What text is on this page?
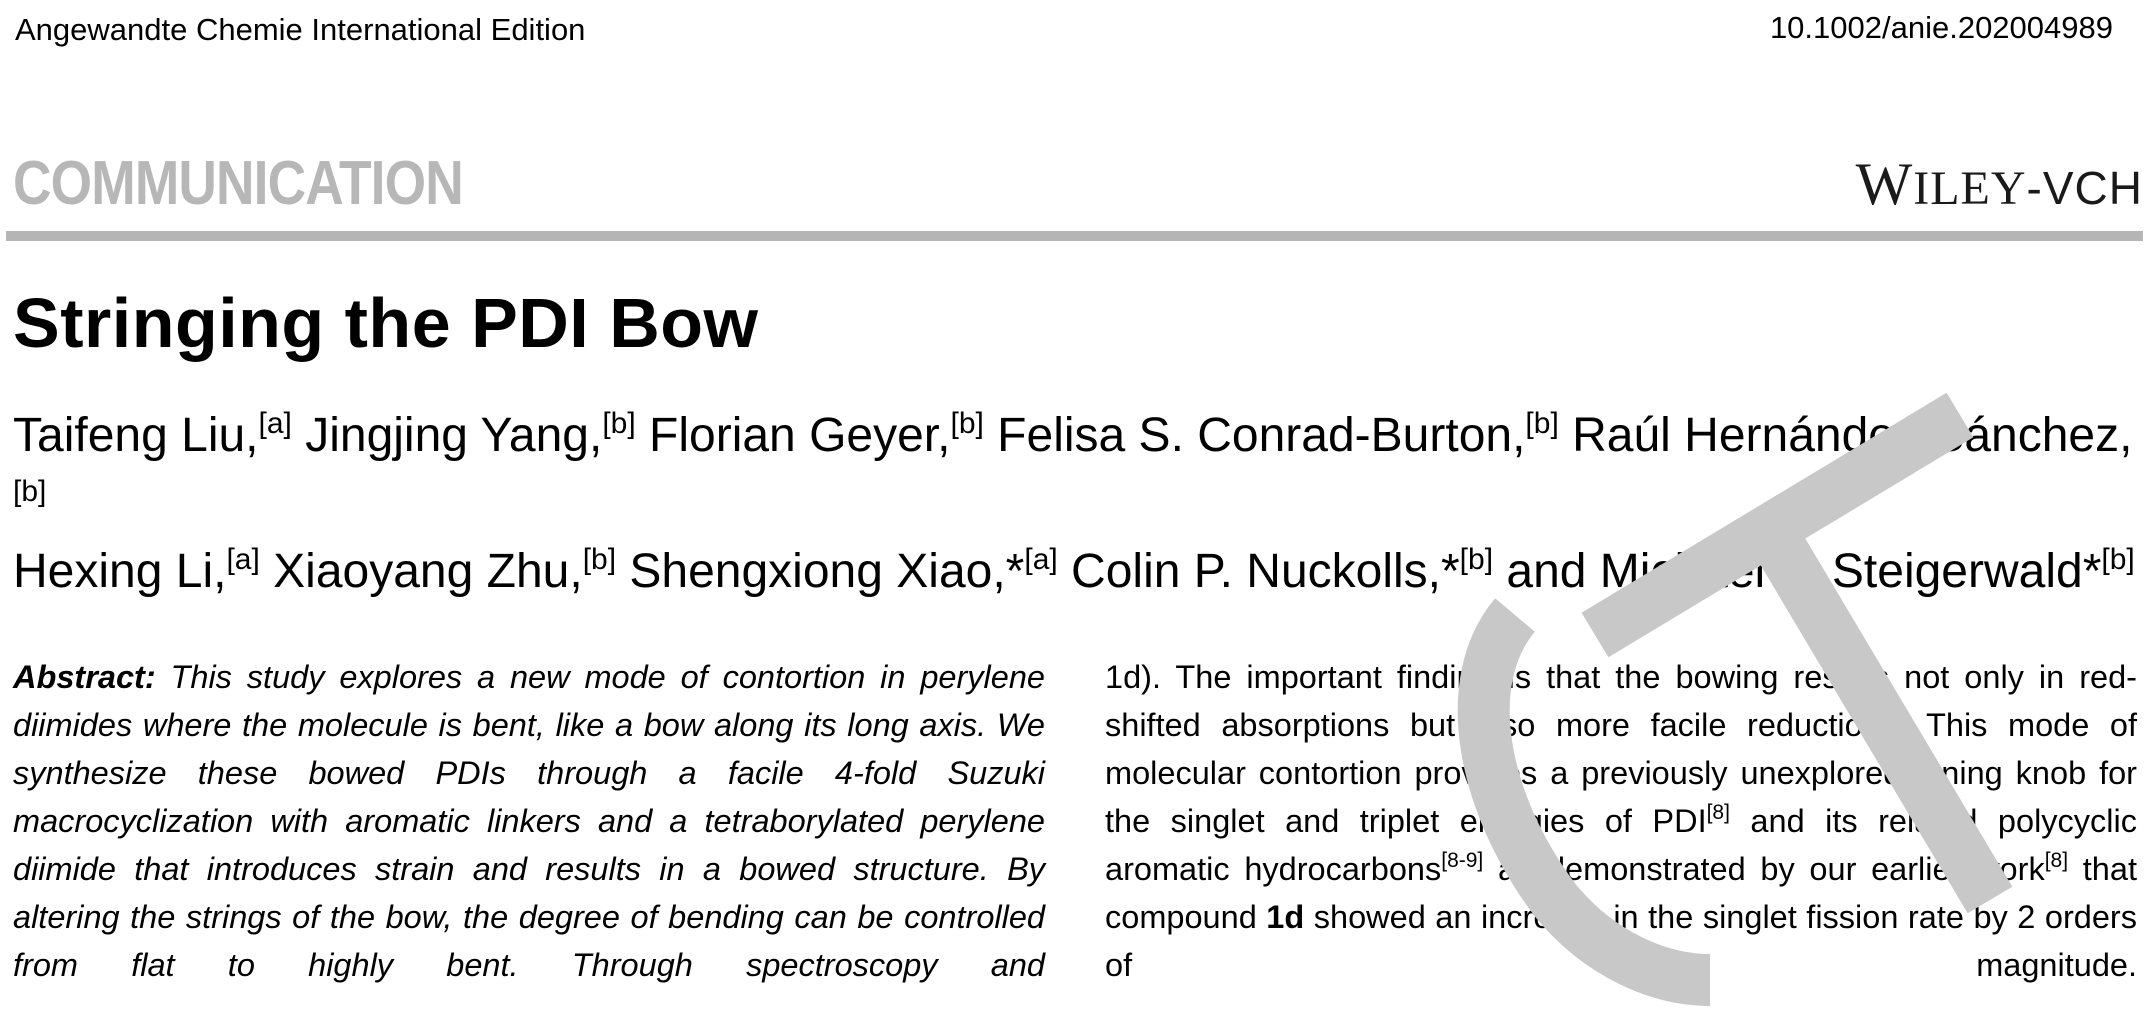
Angewandte Chemie International Edition	10.1002/anie.202004989
COMMUNICATION	WILEY-VCH
Stringing the PDI Bow
Taifeng Liu,[a] Jingjing Yang,[b] Florian Geyer,[b] Felisa S. Conrad-Burton,[b] Raúl Hernández Sánchez,[b]
Hexing Li,[a] Xiaoyang Zhu,[b] Shengxiong Xiao,*[a] Colin P. Nuckolls,*[b] and Michael L. Steigerwald*[b]
Abstract: This study explores a new mode of contortion in perylene diimides where the molecule is bent, like a bow along its long axis. We synthesize these bowed PDIs through a facile 4-fold Suzuki macrocyclization with aromatic linkers and a tetraborylated perylene diimide that introduces strain and results in a bowed structure. By altering the strings of the bow, the degree of bending can be controlled from flat to highly bent. Through spectroscopy and
1d). The important finding is that the bowing results not only in red-shifted absorptions but also more facile reductions. This mode of molecular contortion provides a previously unexplored tuning knob for the singlet and triplet energies of PDI[8] and its related polycyclic aromatic hydrocarbons[8-9] as demonstrated by our earlier work[8] that compound 1d showed an increase in the singlet fission rate by 2 orders of magnitude.
